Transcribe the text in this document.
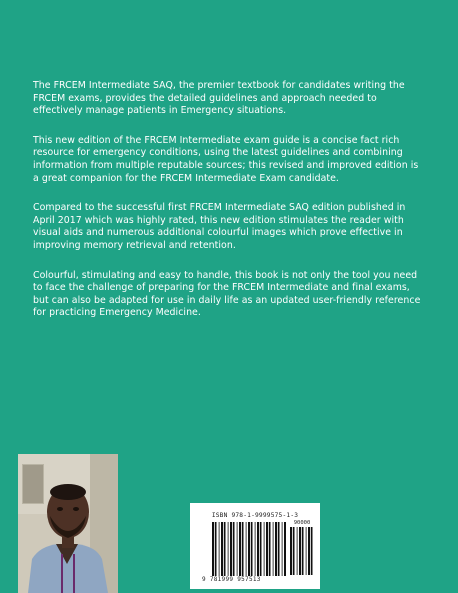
The FRCEM Intermediate SAQ, the premier textbook for candidates writing the FRCEM exams, provides the detailed guidelines and approach needed to effectively manage patients in Emergency situations.

This new edition of the FRCEM Intermediate exam guide is a concise fact rich resource for emergency conditions, using the latest guidelines and combining information from multiple reputable sources; this revised and improved edition is a great companion for the FRCEM Intermediate Exam candidate.

Compared to the successful first FRCEM Intermediate SAQ edition published in April 2017 which was highly rated, this new edition stimulates the reader with visual aids and numerous additional colourful images which prove effective in improving memory retrieval and retention.

Colourful, stimulating and easy to handle, this book is not only the tool you need to face the challenge of preparing for the FRCEM Intermediate and final exams, but can also be adapted for use in daily life as an updated user-friendly reference for practicing Emergency Medicine.

ISBN 978-1-9999575-1-3
90000
9 781999 957513
